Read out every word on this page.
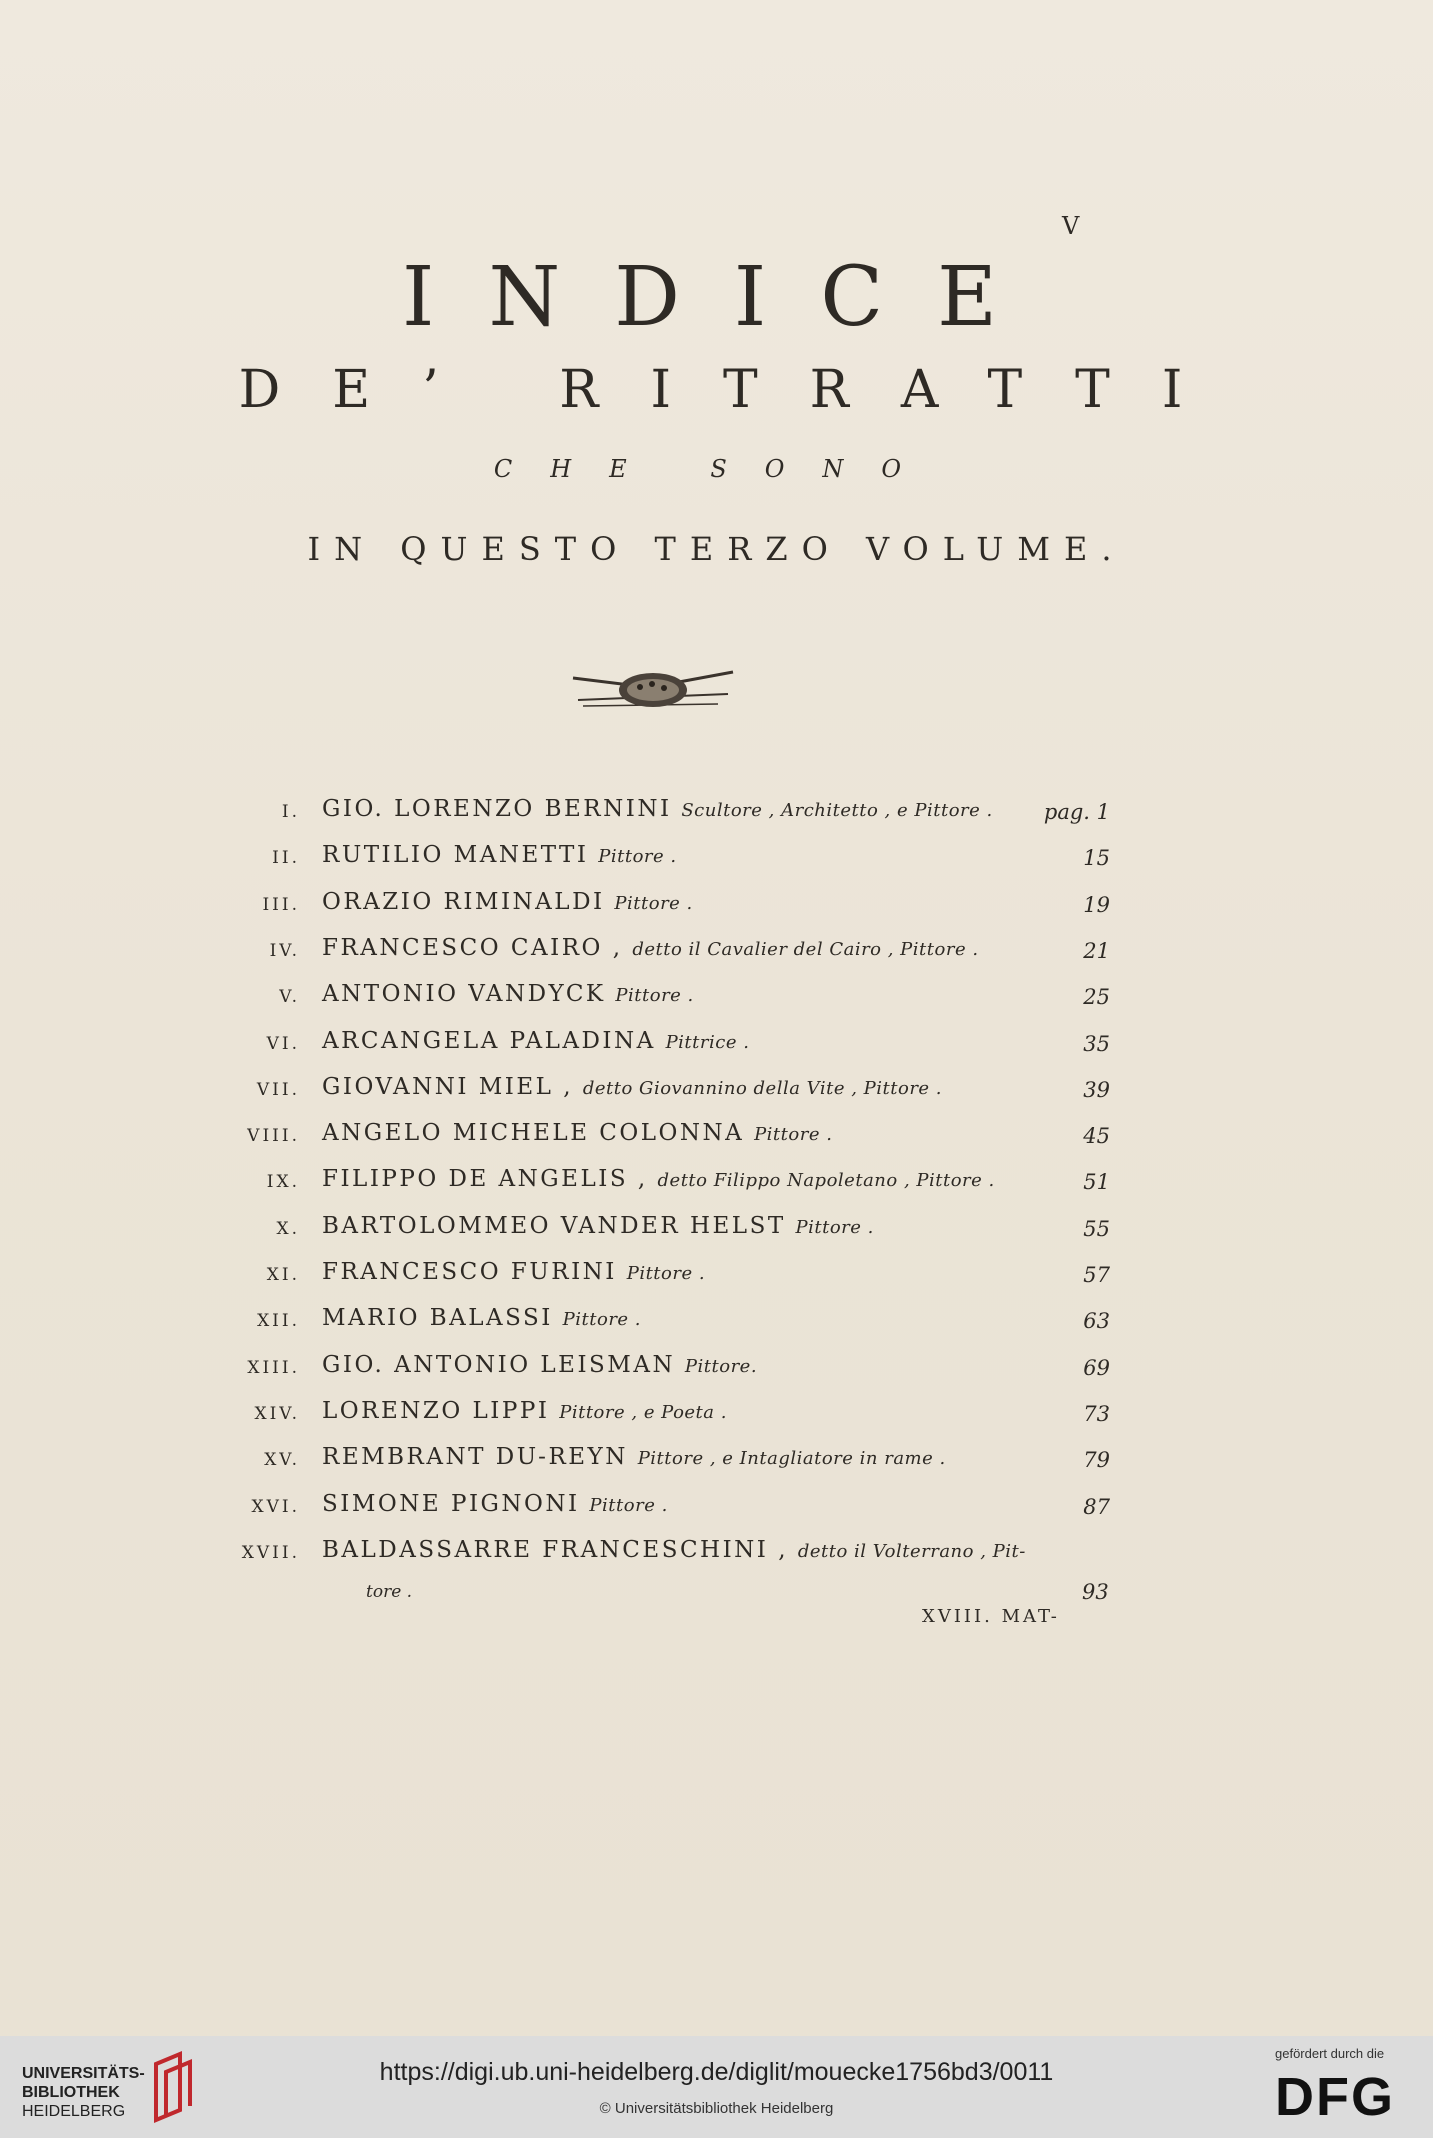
V
INDICE
DE’ RITRATTI
CHE SONO
IN QUESTO TERZO VOLUME.
I. GIO. LORENZO BERNINI Scultore , Architetto , e Pittore . pag. 1
II. RUTILIO MANETTI Pittore .	15
III. ORAZIO RIMINALDI Pittore .	19
IV. FRANCESCO CAIRO , detto il Cavalier del Cairo , Pittore .	21
V. ANTONIO VANDYCK Pittore .	25
VI. ARCANGELA PALADINA Pittrice .	35
VII. GIOVANNI MIEL , detto Giovannino della Vite , Pittore .	39
VIII. ANGELO MICHELE COLONNA Pittore .	45
IX. FILIPPO DE ANGELIS , detto Filippo Napoletano , Pittore .	51
X. BARTOLOMMEO VANDER HELST Pittore .	55
XI. FRANCESCO FURINI Pittore .	57
XII. MARIO BALASSI Pittore .	63
XIII. GIO. ANTONIO LEISMAN Pittore.	69
XIV. LORENZO LIPPI Pittore , e Poeta .	73
XV. REMBRANT DU-REYN Pittore , e Intagliatore in rame .	79
XVI. SIMONE PIGNONI Pittore .	87
XVII. BALDASSARRE FRANCESCHINI , detto il Volterrano , Pit-
tore .	93
XVIII. MAT-
UNIVERSITÄTS-
BIBLIOTHEK
HEIDELBERG
https://digi.ub.uni-heidelberg.de/diglit/mouecke1756bd3/0011
© Universitätsbibliothek Heidelberg
gefördert durch die
DFG
